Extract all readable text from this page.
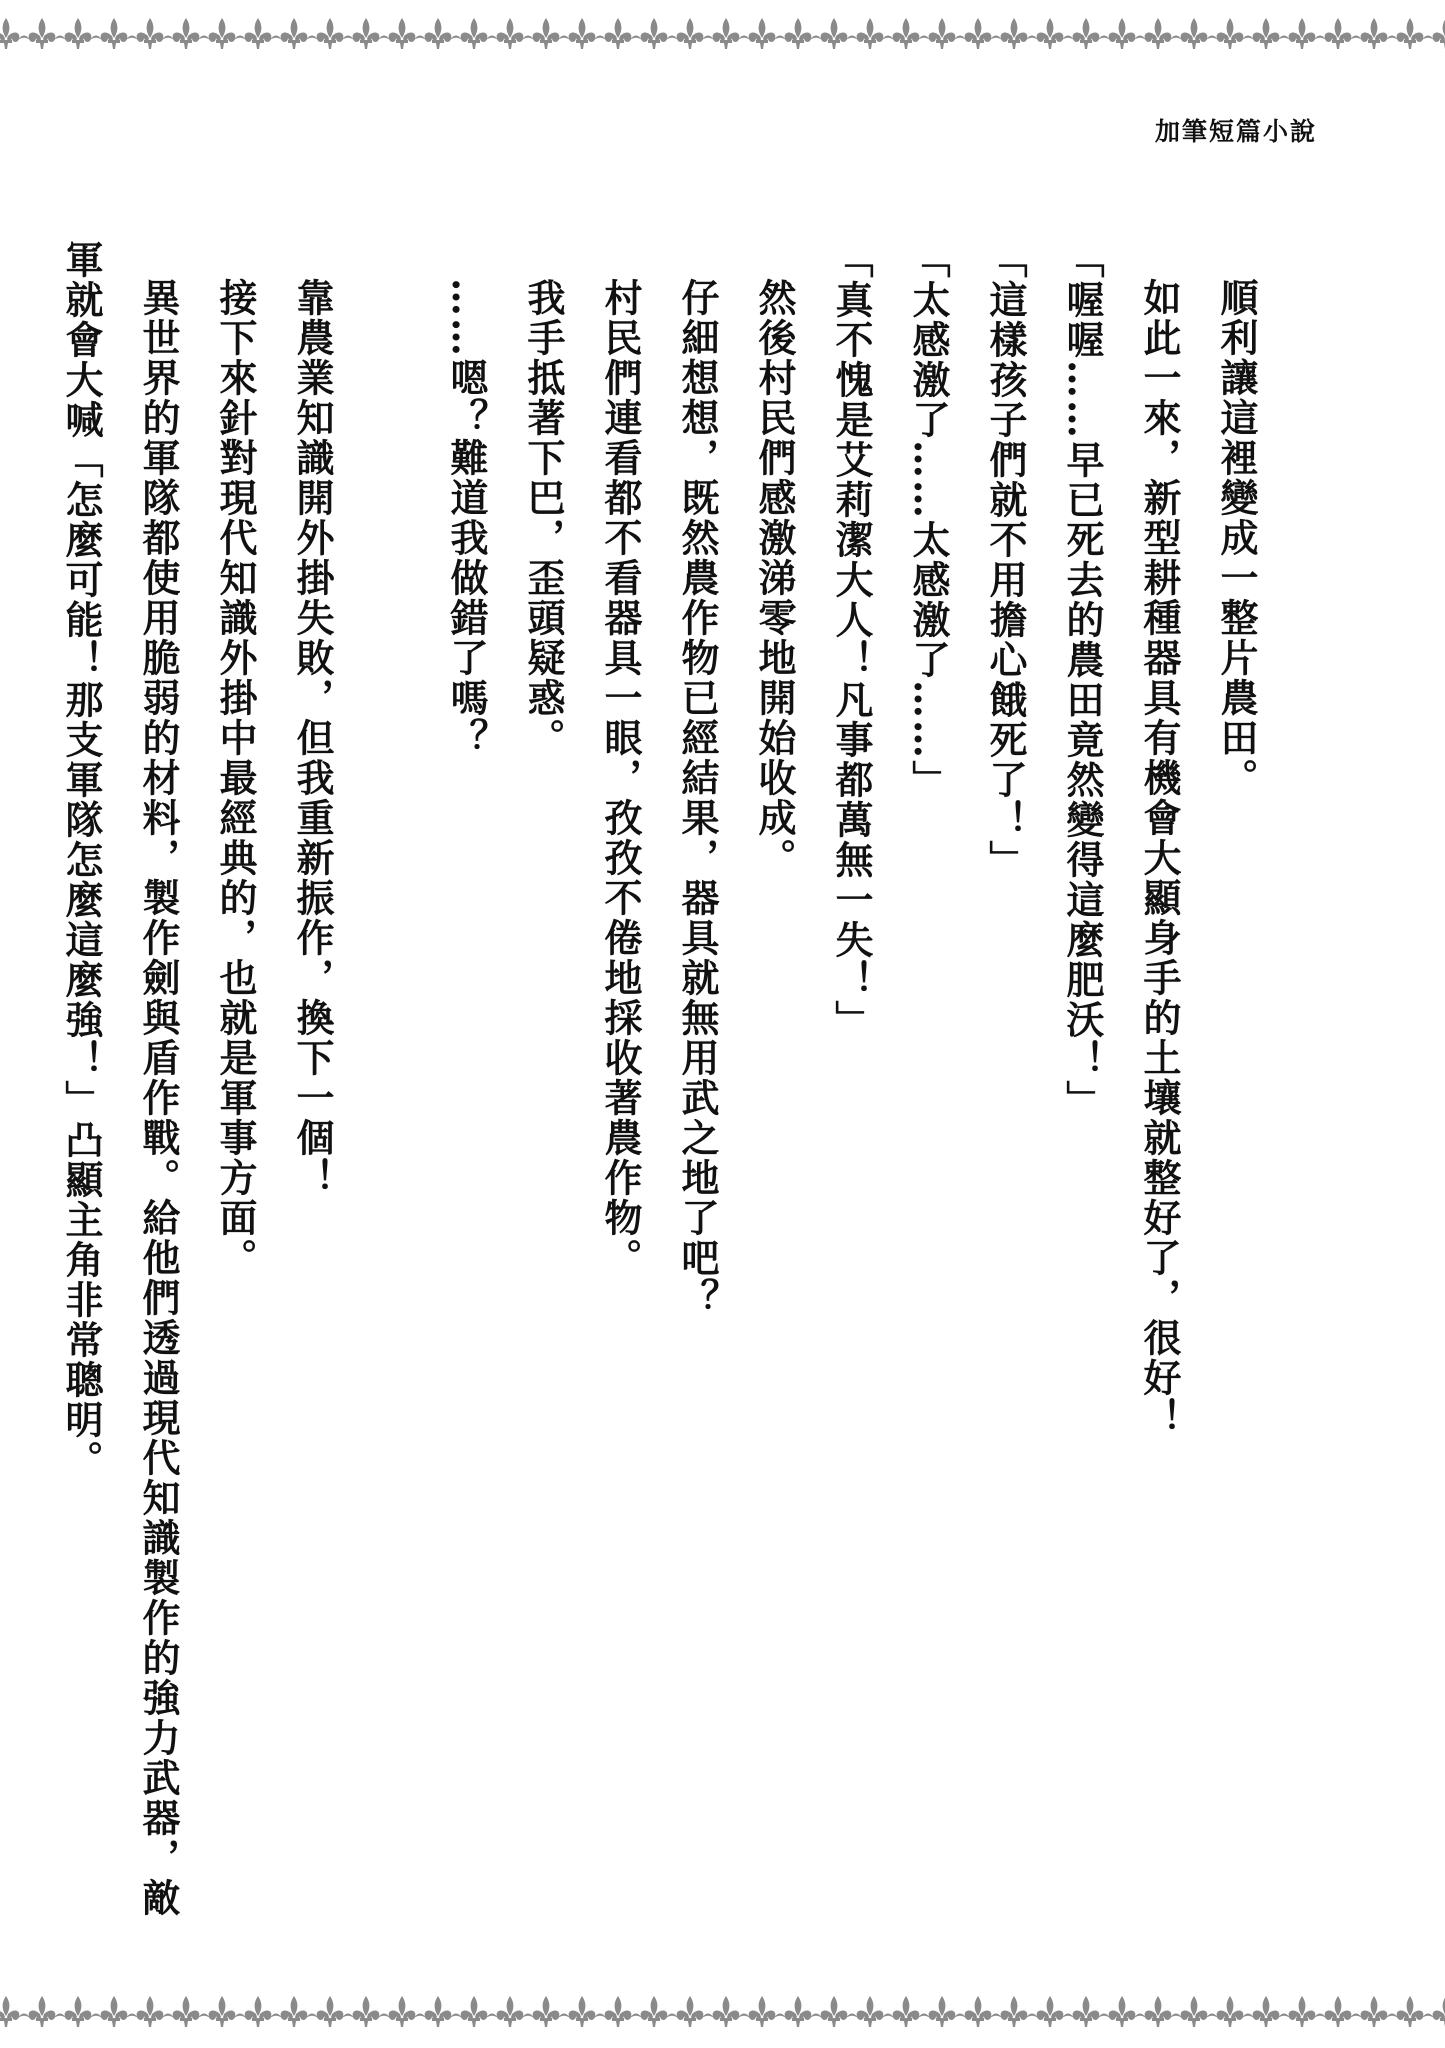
加筆短篇小說

順利讓這裡變成一整片農田。

如此一來，新型耕種器具有機會大顯身手的土壤就整好了，很好！

「喔喔……早已死去的農田竟然變得這麼肥沃！」

「這樣孩子們就不用擔心餓死了！」

「太感激了……太感激了……」

「真不愧是艾莉潔大人！凡事都萬無一失！」

然後村民們感激涕零地開始收成。

仔細想想，既然農作物已經結果，器具就無用武之地了吧？

村民們連看都不看器具一眼，孜孜不倦地採收著農作物。

我手抵著下巴，歪頭疑惑。

……嗯？難道我做錯了嗎？

靠農業知識開外掛失敗，但我重新振作，換下一個！

接下來針對現代知識外掛中最經典的，也就是軍事方面。

異世界的軍隊都使用脆弱的材料，製作劍與盾作戰。給他們透過現代知識製作的強力武器，敵軍就會大喊「怎麼可能！那支軍隊怎麼這麼強！」凸顯主角非常聰明。
